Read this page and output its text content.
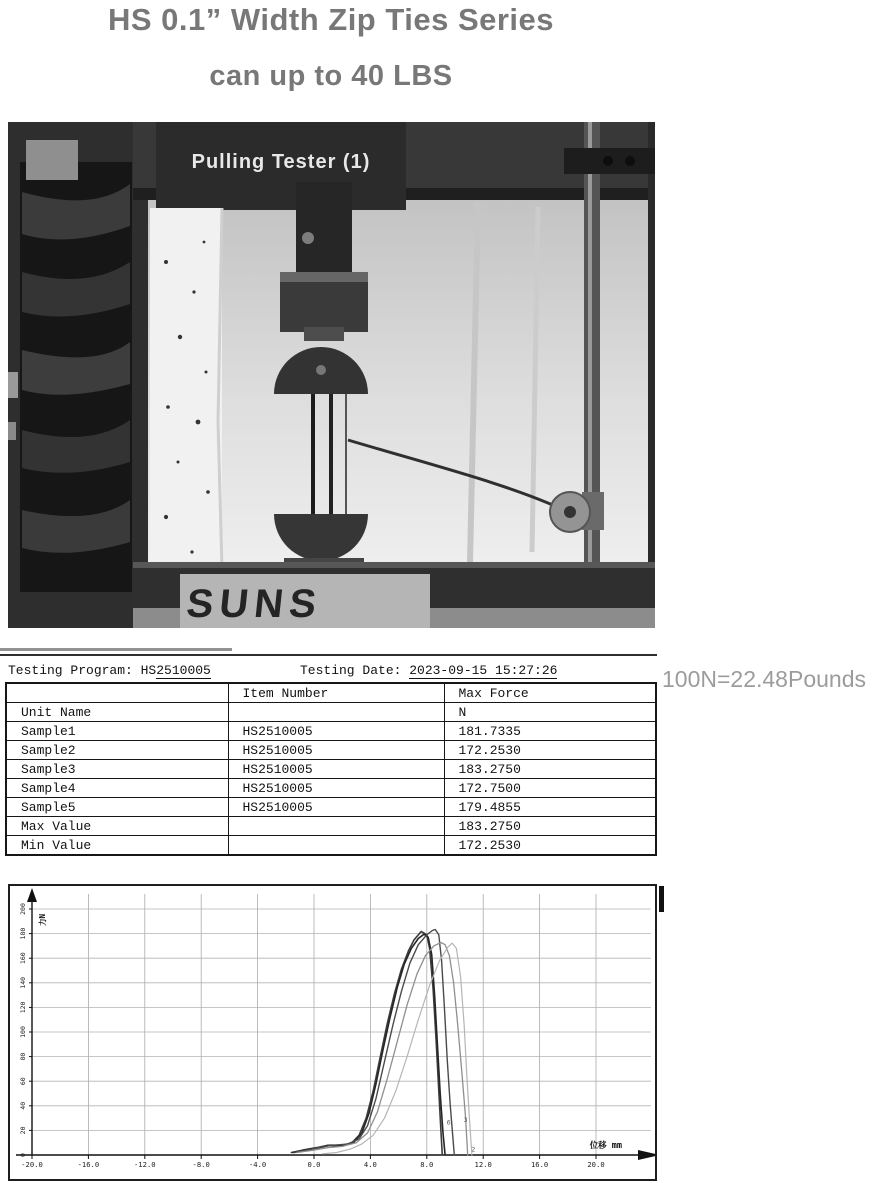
HS 0.1” Width Zip Ties Series
can up to 40 LBS
Pulling Tester (1)
SUNS
Testing Program: HS2510005	Testing Date: 2023-09-15 15:27:26	100N=22.48Pounds
	Item Number	Max Force
Unit Name		N
Sample1	HS2510005	181.7335
Sample2	HS2510005	172.2530
Sample3	HS2510005	183.2750
Sample4	HS2510005	172.7500
Sample5	HS2510005	179.4855
Max Value		183.2750
Min Value		172.2530
-20.0	-16.0	-12.0	-8.0	-4.0	0.0	4.0	8.0	12.0	16.0	20.0
0
20
40
60
80
100
120
140
160
180
200
力N
位移 mm
6 3
2
